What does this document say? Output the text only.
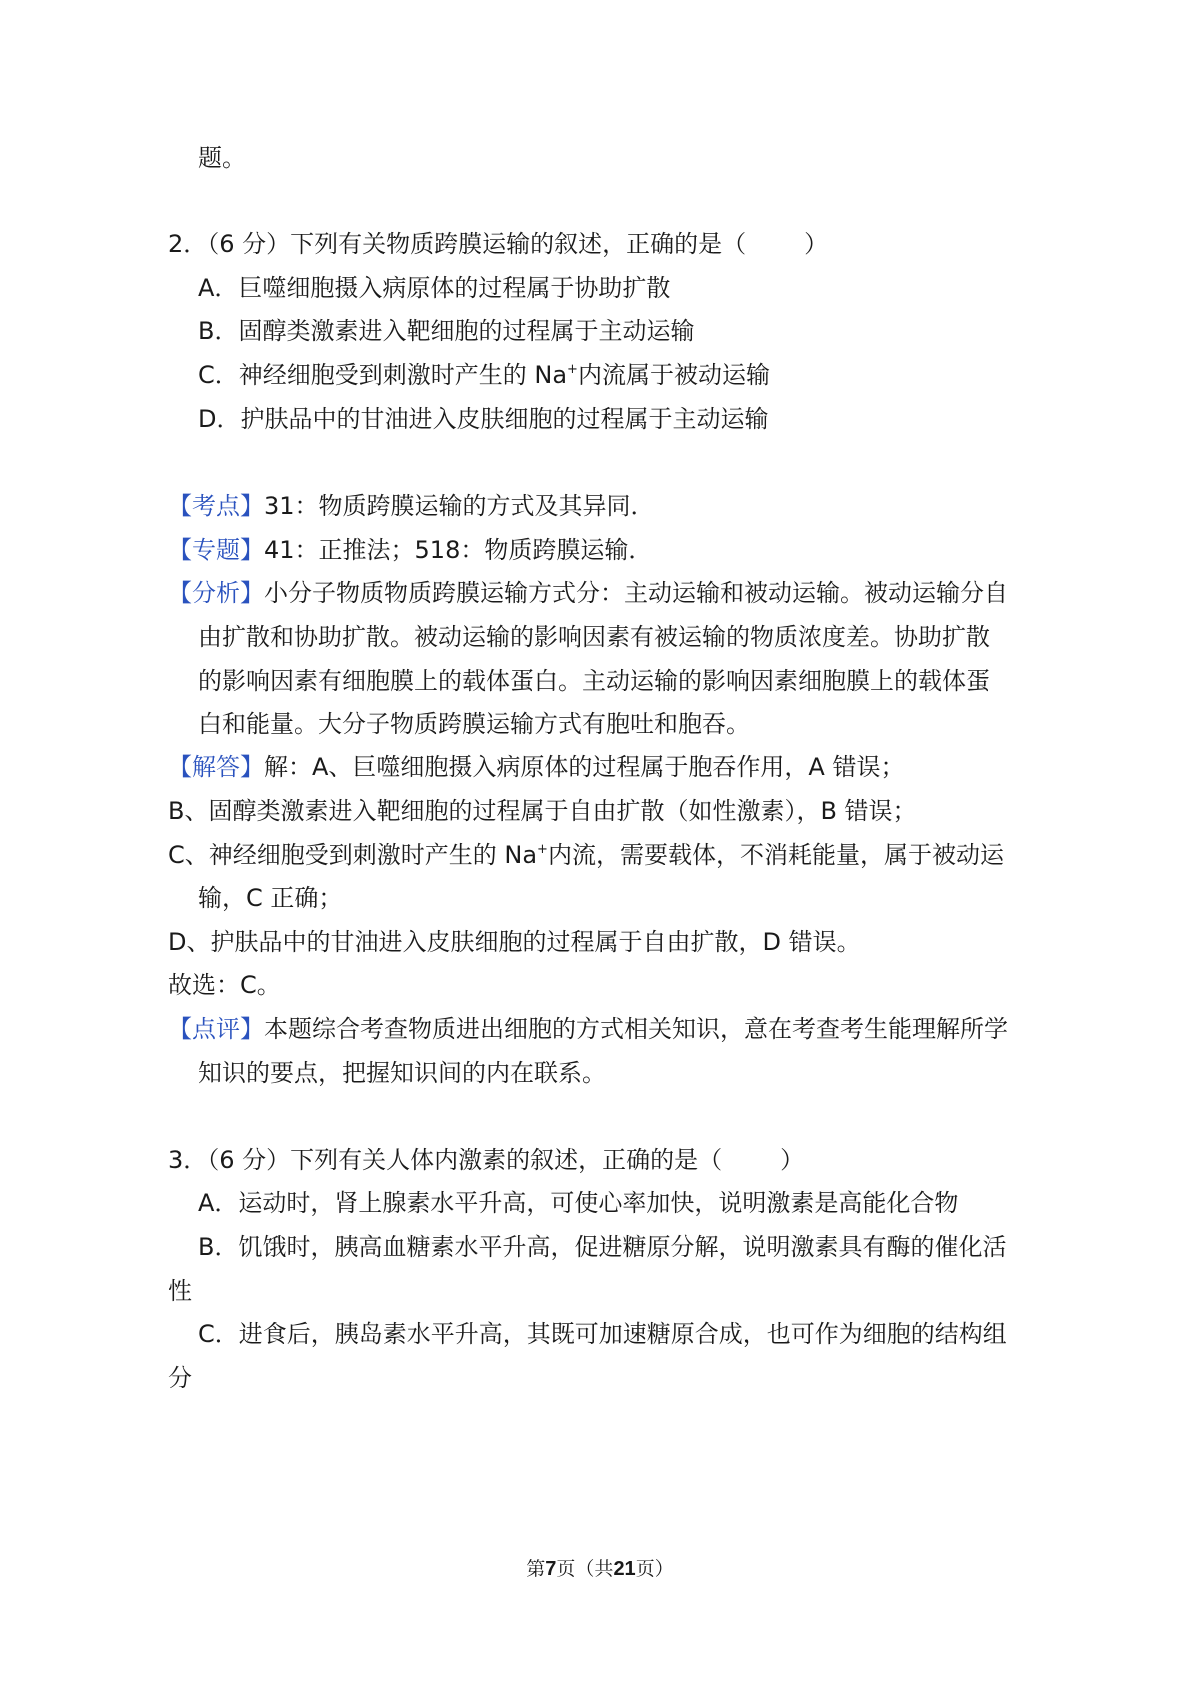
题。
2．（6 分）下列有关物质跨膜运输的叙述，正确的是（ ）
A．巨噬细胞摄入病原体的过程属于协助扩散
B．固醇类激素进入靶细胞的过程属于主动运输
C．神经细胞受到刺激时产生的 Na+内流属于被动运输
D．护肤品中的甘油进入皮肤细胞的过程属于主动运输
【考点】31：物质跨膜运输的方式及其异同．
【专题】41：正推法；518：物质跨膜运输．
【分析】小分子物质物质跨膜运输方式分：主动运输和被动运输。被动运输分自
由扩散和协助扩散。被动运输的影响因素有被运输的物质浓度差。协助扩散
的影响因素有细胞膜上的载体蛋白。主动运输的影响因素细胞膜上的载体蛋
白和能量。大分子物质跨膜运输方式有胞吐和胞吞。
【解答】解：A、巨噬细胞摄入病原体的过程属于胞吞作用，A 错误；
B、固醇类激素进入靶细胞的过程属于自由扩散（如性激素），B 错误；
C、神经细胞受到刺激时产生的 Na+内流，需要载体，不消耗能量，属于被动运
输，C 正确；
D、护肤品中的甘油进入皮肤细胞的过程属于自由扩散，D 错误。
故选：C。
【点评】本题综合考查物质进出细胞的方式相关知识，意在考查考生能理解所学
知识的要点，把握知识间的内在联系。
3．（6 分）下列有关人体内激素的叙述，正确的是（ ）
A．运动时，肾上腺素水平升高，可使心率加快，说明激素是高能化合物
B．饥饿时，胰高血糖素水平升高，促进糖原分解，说明激素具有酶的催化活
性
C．进食后，胰岛素水平升高，其既可加速糖原合成，也可作为细胞的结构组
分
第7页（共21页）
